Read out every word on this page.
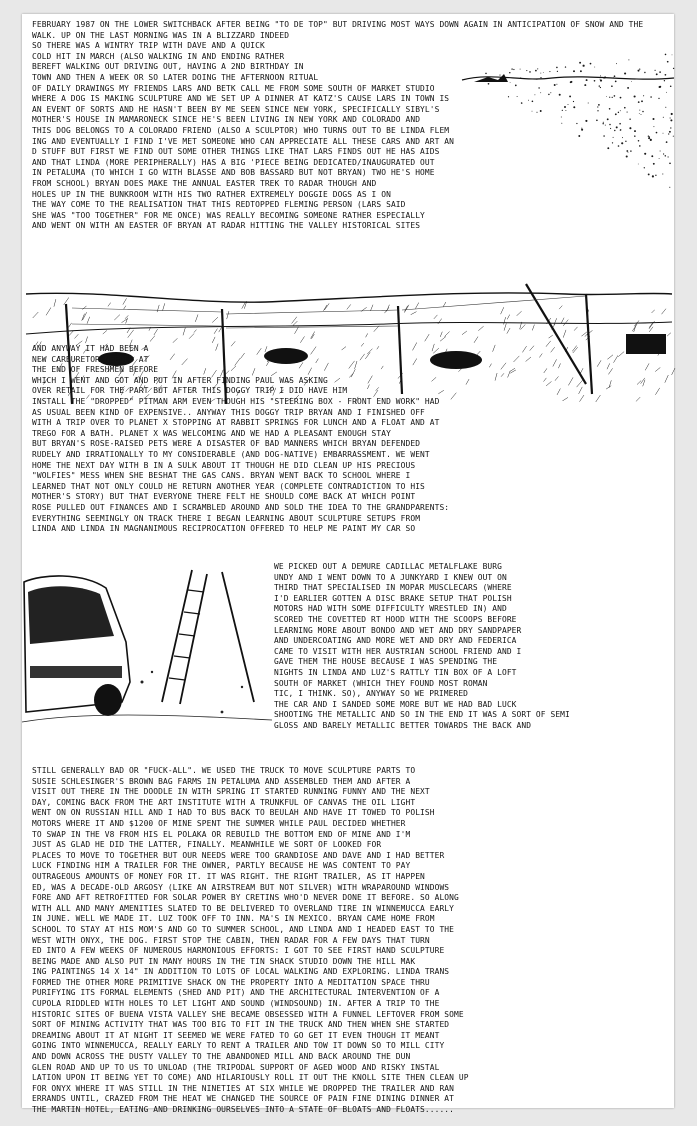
FEBRUARY 1987 ON THE LOWER SWITCHBACK AFTER BEING "TO DE TOP" BUT DRIVING MOST WAYS DOWN AGAIN IN ANTICIPATION OF SNOW AND THE WALK. UP ON THE LAST MORNING WAS IN A BLIZZARD INDEED
SO THERE WAS A WINTRY TRIP WITH DAVE AND A QUICK
COLD HIT IN MARCH (ALSO WALKING IN AND ENDING RATHER
BEREFT WALKING OUT DRIVING OUT, HAVING A 2ND BIRTHDAY IN
TOWN AND THEN A WEEK OR SO LATER DOING THE AFTERNOON RITUAL
OF DAILY DRAWINGS MY FRIENDS LARS AND BETK CALL ME FROM SOME SOUTH OF MARKET STUDIO
WHERE A DOG IS MAKING SCULPTURE AND WE SET UP A DINNER AT KATZ'S CAUSE LARS IN TOWN IS
AN EVENT OF SORTS AND HE HASN'T BEEN BY ME SEEN SINCE NEW YORK, SPECIFICALLY SIBYL'S
MOTHER'S HOUSE IN MAMARONECK SINCE HE'S BEEN LIVING IN NEW YORK AND COLORADO AND
THIS DOG BELONGS TO A COLORADO FRIEND (ALSO A SCULPTOR) WHO TURNS OUT TO BE LINDA FLEM
ING AND EVENTUALLY I FIND I'VE MET SOMEONE WHO CAN APPRECIATE ALL THESE CARS AND ART AN
D STUFF BUT FIRST WE FIND OUT SOME OTHER THINGS LIKE THAT LARS FINDS OUT HE HAS AIDS
AND THAT LINDA (MORE PERIPHERALLY) HAS A BIG 'PIECE BEING DEDICATED/INAUGURATED OUT
IN PETALUMA (TO WHICH I GO WITH BLASSE AND BOB BASSARD BUT NOT BRYAN) TWO HE'S HOME
FROM SCHOOL) BRYAN DOES MAKE THE ANNUAL EASTER TREK TO RADAR THOUGH AND
HOLES UP IN THE BUNKROOM WITH HIS TWO RATHER EXTREMELY DOGGIE DOGS AS I ON
THE WAY COME TO THE REALISATION THAT THIS REDTOPPED FLEMING PERSON (LARS SAID
SHE WAS "TOO TOGETHER" FOR ME ONCE) WAS REALLY BECOMING SOMEONE RATHER ESPECIALLY
AND WENT ON WITH AN EASTER OF BRYAN AT RADAR HITTING THE VALLEY HISTORICAL SITES

AND ANYWAY IT HAD BEEN A
NEW CARBURETOR NEEDED AT
THE END OF FRESHMEN BEFORE
WHICH I WENT AND GOT AND PUT IN AFTER FINDING PAUL WAS ASKING
OVER RETAIL FOR THE PART BUT AFTER THIS DOGGY TRIP I DID HAVE HIM
INSTALL THE "DROPPED" PITMAN ARM EVEN THOUGH HIS "STEERING BOX - FRONT END WORK" HAD
AS USUAL BEEN KIND OF EXPENSIVE.. ANYWAY THIS DOGGY TRIP BRYAN AND I FINISHED OFF
WITH A TRIP OVER TO PLANET X STOPPING AT RABBIT SPRINGS FOR LUNCH AND A FLOAT AND AT
TREGO FOR A BATH. PLANET X WAS WELCOMING AND WE HAD A PLEASANT ENOUGH STAY
BUT BRYAN'S ROSE-RAISED PETS WERE A DISASTER OF BAD MANNERS WHICH BRYAN DEFENDED
RUDELY AND IRRATIONALLY TO MY CONSIDERABLE (AND DOG-NATIVE) EMBARRASSMENT. WE WENT
HOME THE NEXT DAY WITH B IN A SULK ABOUT IT THOUGH HE DID CLEAN UP HIS PRECIOUS
"WOLFIES" MESS WHEN SHE BESHAT THE GAS CANS. BRYAN WENT BACK TO SCHOOL WHERE I
LEARNED THAT NOT ONLY COULD HE RETURN ANOTHER YEAR (COMPLETE CONTRADICTION TO HIS
MOTHER'S STORY) BUT THAT EVERYONE THERE FELT HE SHOULD COME BACK AT WHICH POINT
ROSE PULLED OUT FINANCES AND I SCRAMBLED AROUND AND SOLD THE IDEA TO THE GRANDPARENTS:
EVERYTHING SEEMINGLY ON TRACK THERE I BEGAN LEARNING ABOUT SCULPTURE SETUPS FROM
LINDA AND LINDA IN MAGNANIMOUS RECIPROCATION OFFERED TO HELP ME PAINT MY CAR SO

WE PICKED OUT A DEMURE CADILLAC METALFLAKE BURG
UNDY AND I WENT DOWN TO A JUNKYARD I KNEW OUT ON
THIRD THAT SPECIALISED IN MOPAR MUSCLECARS (WHERE
I'D EARLIER GOTTEN A DISC BRAKE SETUP THAT POLISH
MOTORS HAD WITH SOME DIFFICULTY WRESTLED IN) AND
SCORED THE COVETTED RT HOOD WITH THE SCOOPS BEFORE
LEARNING MORE ABOUT BONDO AND WET AND DRY SANDPAPER
AND UNDERCOATING AND MORE WET AND DRY AND FEDERICA
CAME TO VISIT WITH HER AUSTRIAN SCHOOL FRIEND AND I
GAVE THEM THE HOUSE BECAUSE I WAS SPENDING THE
NIGHTS IN LINDA AND LUZ'S RATTLY TIN BOX OF A LOFT
SOUTH OF MARKET (WHICH THEY FOUND MOST ROMAN
TIC, I THINK. SO), ANYWAY SO WE PRIMERED
THE CAR AND I SANDED SOME MORE BUT WE HAD BAD LUCK
SHOOTING THE METALLIC AND SO IN THE END IT WAS A SORT OF SEMI
GLOSS AND BARELY METALLIC BETTER TOWARDS THE BACK AND

STILL GENERALLY BAD OR "FUCK-ALL". WE USED THE TRUCK TO MOVE SCULPTURE PARTS TO
SUSIE SCHLESINGER'S BROWN BAG FARMS IN PETALUMA AND ASSEMBLED THEM AND AFTER A
VISIT OUT THERE IN THE DOODLE IN WITH SPRING IT STARTED RUNNING FUNNY AND THE NEXT
DAY, COMING BACK FROM THE ART INSTITUTE WITH A TRUNKFUL OF CANVAS THE OIL LIGHT
WENT ON ON RUSSIAN HILL AND I HAD TO BUS BACK TO BEULAH AND HAVE IT TOWED TO POLISH
MOTORS WHERE IT AND $1200 OF MINE SPENT THE SUMMER WHILE PAUL DECIDED WHETHER
TO SWAP IN THE V8 FROM HIS EL POLAKA OR REBUILD THE BOTTOM END OF MINE AND I'M
JUST AS GLAD HE DID THE LATTER, FINALLY. MEANWHILE WE SORT OF LOOKED FOR
PLACES TO MOVE TO TOGETHER BUT OUR NEEDS WERE TOO GRANDIOSE AND DAVE AND I HAD BETTER
LUCK FINDING HIM A TRAILER FOR THE OWNER, PARTLY BECAUSE HE WAS CONTENT TO PAY
OUTRAGEOUS AMOUNTS OF MONEY FOR IT. IT WAS RIGHT. THE RIGHT TRAILER, AS IT HAPPEN
ED, WAS A DECADE-OLD ARGOSY (LIKE AN AIRSTREAM BUT NOT SILVER) WITH WRAPAROUND WINDOWS
FORE AND AFT RETROFITTED FOR SOLAR POWER BY CRETINS WHO'D NEVER DONE IT BEFORE. SO ALONG
WITH ALL AND MANY AMENITIES SLATED TO BE DELIVERED TO OVERLAND TIRE IN WINNEMUCCA EARLY
IN JUNE. WELL WE MADE IT. LUZ TOOK OFF TO INN. MA'S IN MEXICO. BRYAN CAME HOME FROM
SCHOOL TO STAY AT HIS MOM'S AND GO TO SUMMER SCHOOL, AND LINDA AND I HEADED EAST TO THE
WEST WITH ONYX, THE DOG. FIRST STOP THE CABIN, THEN RADAR FOR A FEW DAYS THAT TURN
ED INTO A FEW WEEKS OF NUMEROUS HARMONIOUS EFFORTS: I GOT TO SEE FIRST HAND SCULPTURE
BEING MADE AND ALSO PUT IN MANY HOURS IN THE TIN SHACK STUDIO DOWN THE HILL MAK
ING PAINTINGS 14 X 14" IN ADDITION TO LOTS OF LOCAL WALKING AND EXPLORING. LINDA TRANS
FORMED THE OTHER MORE PRIMITIVE SHACK ON THE PROPERTY INTO A MEDITATION SPACE THRU
PURIFYING ITS FORMAL ELEMENTS (SHED AND PIT) AND THE ARCHITECTURAL INTERVENTION OF A
CUPOLA RIDDLED WITH HOLES TO LET LIGHT AND SOUND (WINDSOUND) IN. AFTER A TRIP TO THE
HISTORIC SITES OF BUENA VISTA VALLEY SHE BECAME OBSESSED WITH A FUNNEL LEFTOVER FROM SOME
SORT OF MINING ACTIVITY THAT WAS TOO BIG TO FIT IN THE TRUCK AND THEN WHEN SHE STARTED
DREAMING ABOUT IT AT NIGHT IT SEEMED WE WERE FATED TO GO GET IT EVEN THOUGH IT MEANT
GOING INTO WINNEMUCCA, REALLY EARLY TO RENT A TRAILER AND TOW IT DOWN SO TO MILL CITY
AND DOWN ACROSS THE DUSTY VALLEY TO THE ABANDONED MILL AND BACK AROUND THE DUN
GLEN ROAD AND UP TO US TO UNLOAD (THE TRIPODAL SUPPORT OF AGED WOOD AND RISKY INSTAL
LATION UPON IT BEING YET TO COME) AND HILARIOUSLY ROLL IT OUT THE KNOLL SITE THEN CLEAN UP
FOR ONYX WHERE IT WAS STILL IN THE NINETIES AT SIX WHILE WE DROPPED THE TRAILER AND RAN
ERRANDS UNTIL, CRAZED FROM THE HEAT WE CHANGED THE SOURCE OF PAIN FINE DINING DINNER AT
THE MARTIN HOTEL, EATING AND DRINKING OURSELVES INTO A STATE OF BLOATS AND FLOATS......
